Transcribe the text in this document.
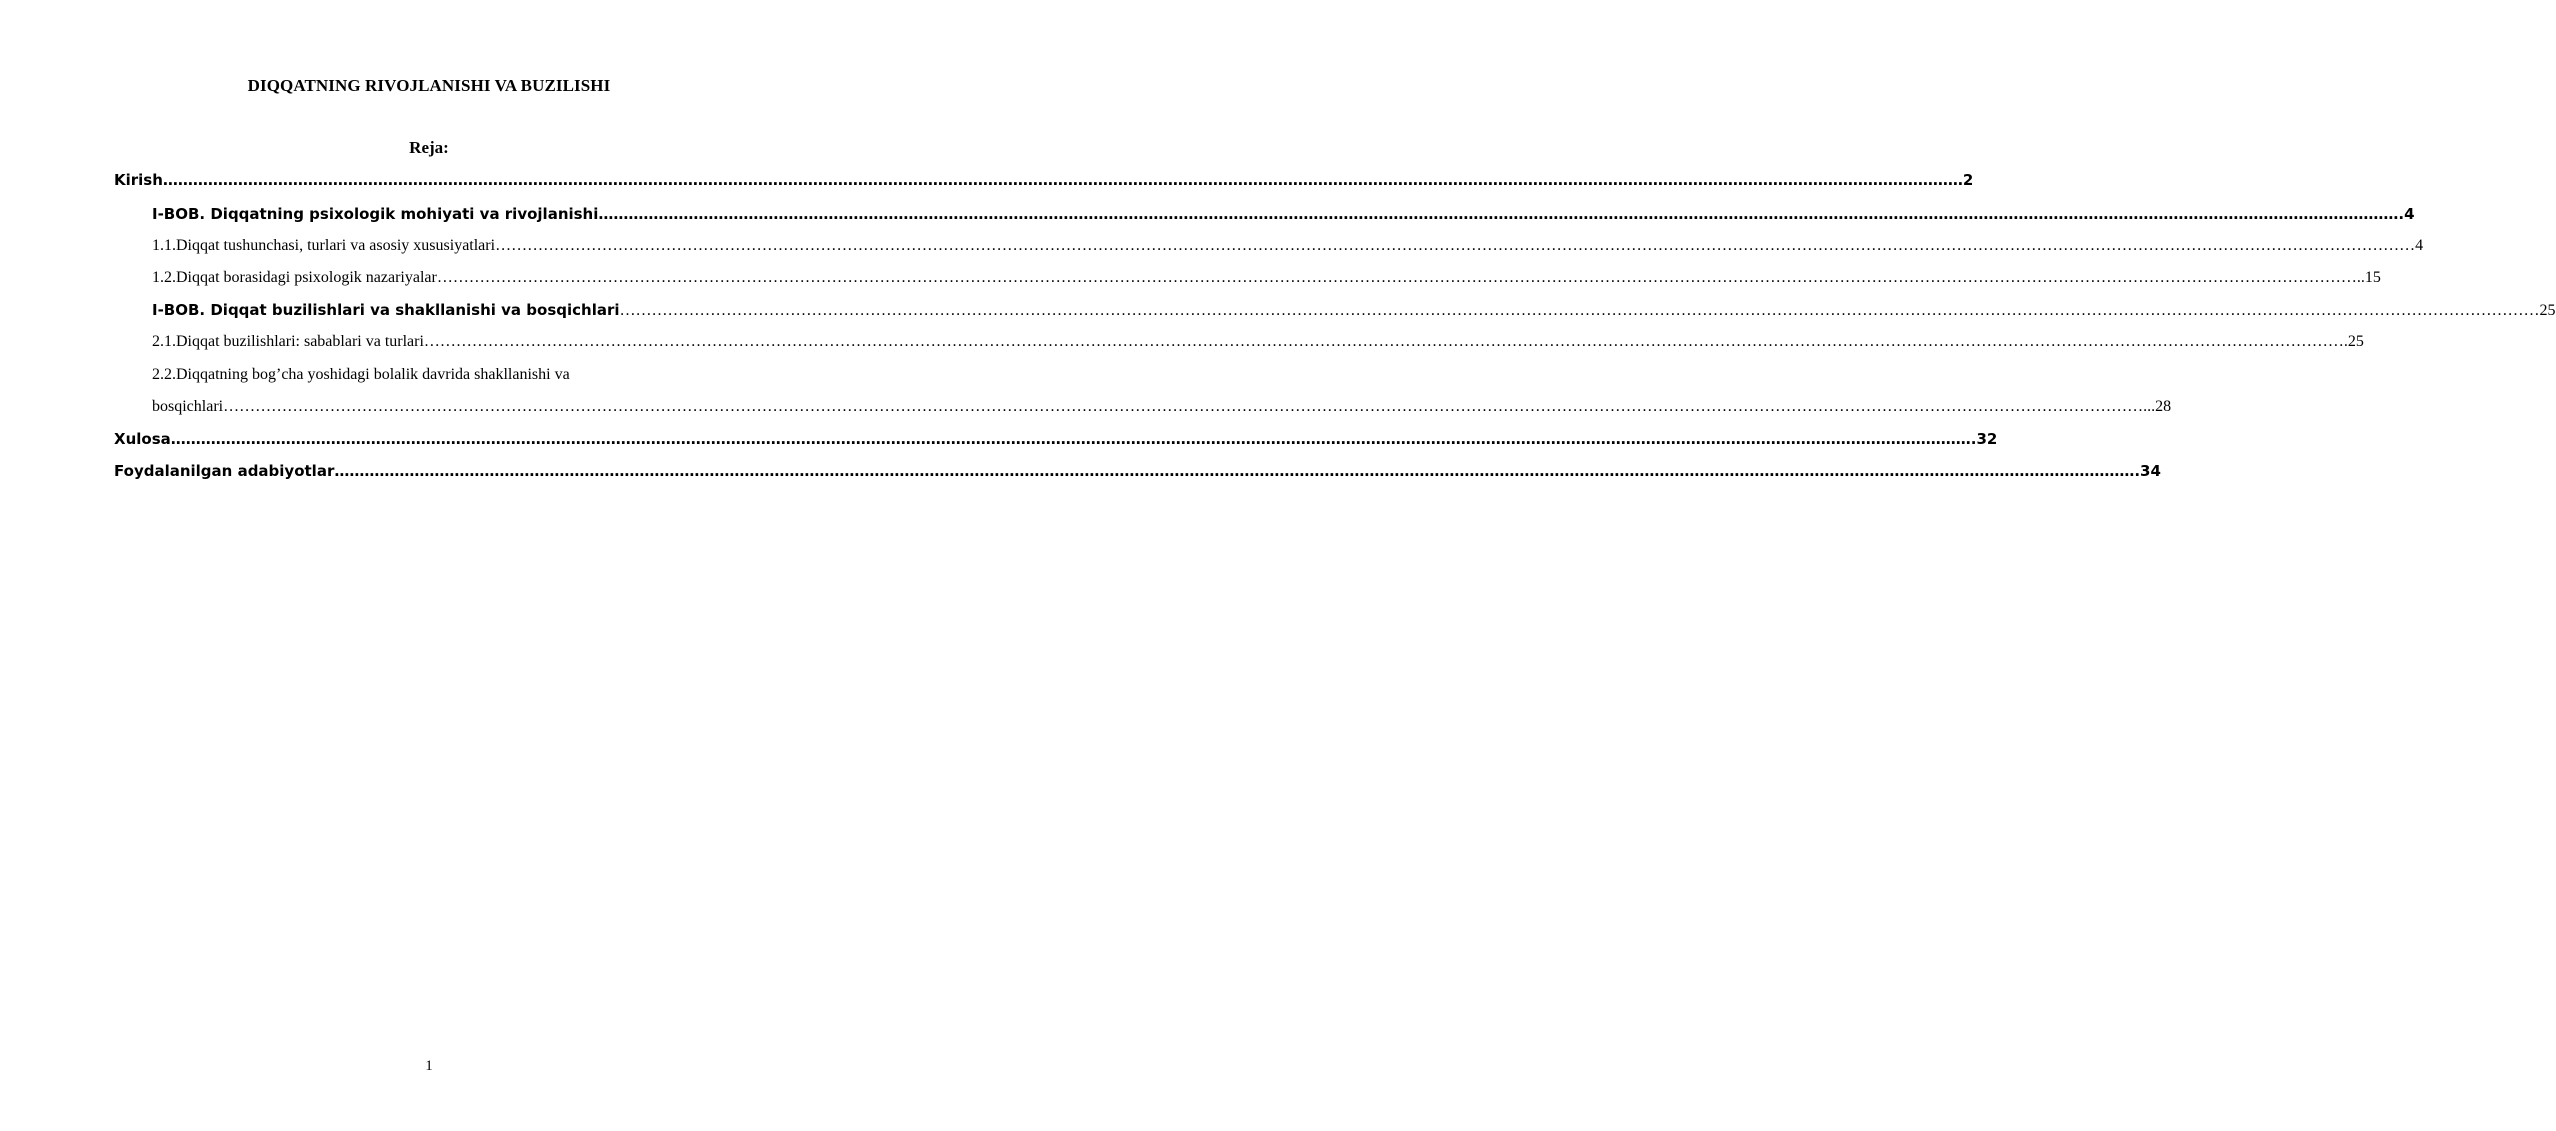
DIQQATNING RIVOJLANISHI VA BUZILISHI
Reja:
Kirish ……………………………………………………………………………………………………………………………………………………………………………………………………………………………………………………………………………………………………………………………… 2
I-BOB. Diqqatning psixologik mohiyati va rivojlanishi ……………………………………………………………………………………………………………………………………………………………………………………………………………………………………………………………………………………………………………………………… .4
1.1.Diqqat tushunchasi, turlari va asosiy xususiyatlari ……………………………………………………………………………………………………………………………………………………………………………………………………………………………………………………………………………………………………………………………… 4
1.2.Diqqat borasidagi psixologik nazariyalar ……………………………………………………………………………………………………………………………………………………………………………………………………………………………………………………………………………………………………………………………… ..15
I-BOB. Diqqat buzilishlari va shakllanishi va bosqichlari ……………………………………………………………………………………………………………………………………………………………………………………………………………………………………………………………………………………………………………………………… 25
2.1.Diqqat buzilishlari: sabablari va turlari ……………………………………………………………………………………………………………………………………………………………………………………………………………………………………………………………………………………………………………………………… .25
2.2.Diqqatning bog’cha yoshidagi bolalik davrida shakllanishi va
bosqichlari ……………………………………………………………………………………………………………………………………………………………………………………………………………………………………………………………………………………………………………………………… ...28
Xulosa ……………………………………………………………………………………………………………………………………………………………………………………………………………………………………………………………………………………………………………………………… .32
Foydalanilgan adabiyotlar ……………………………………………………………………………………………………………………………………………………………………………………………………………………………………………………………………………………………………………………………… .34
1
